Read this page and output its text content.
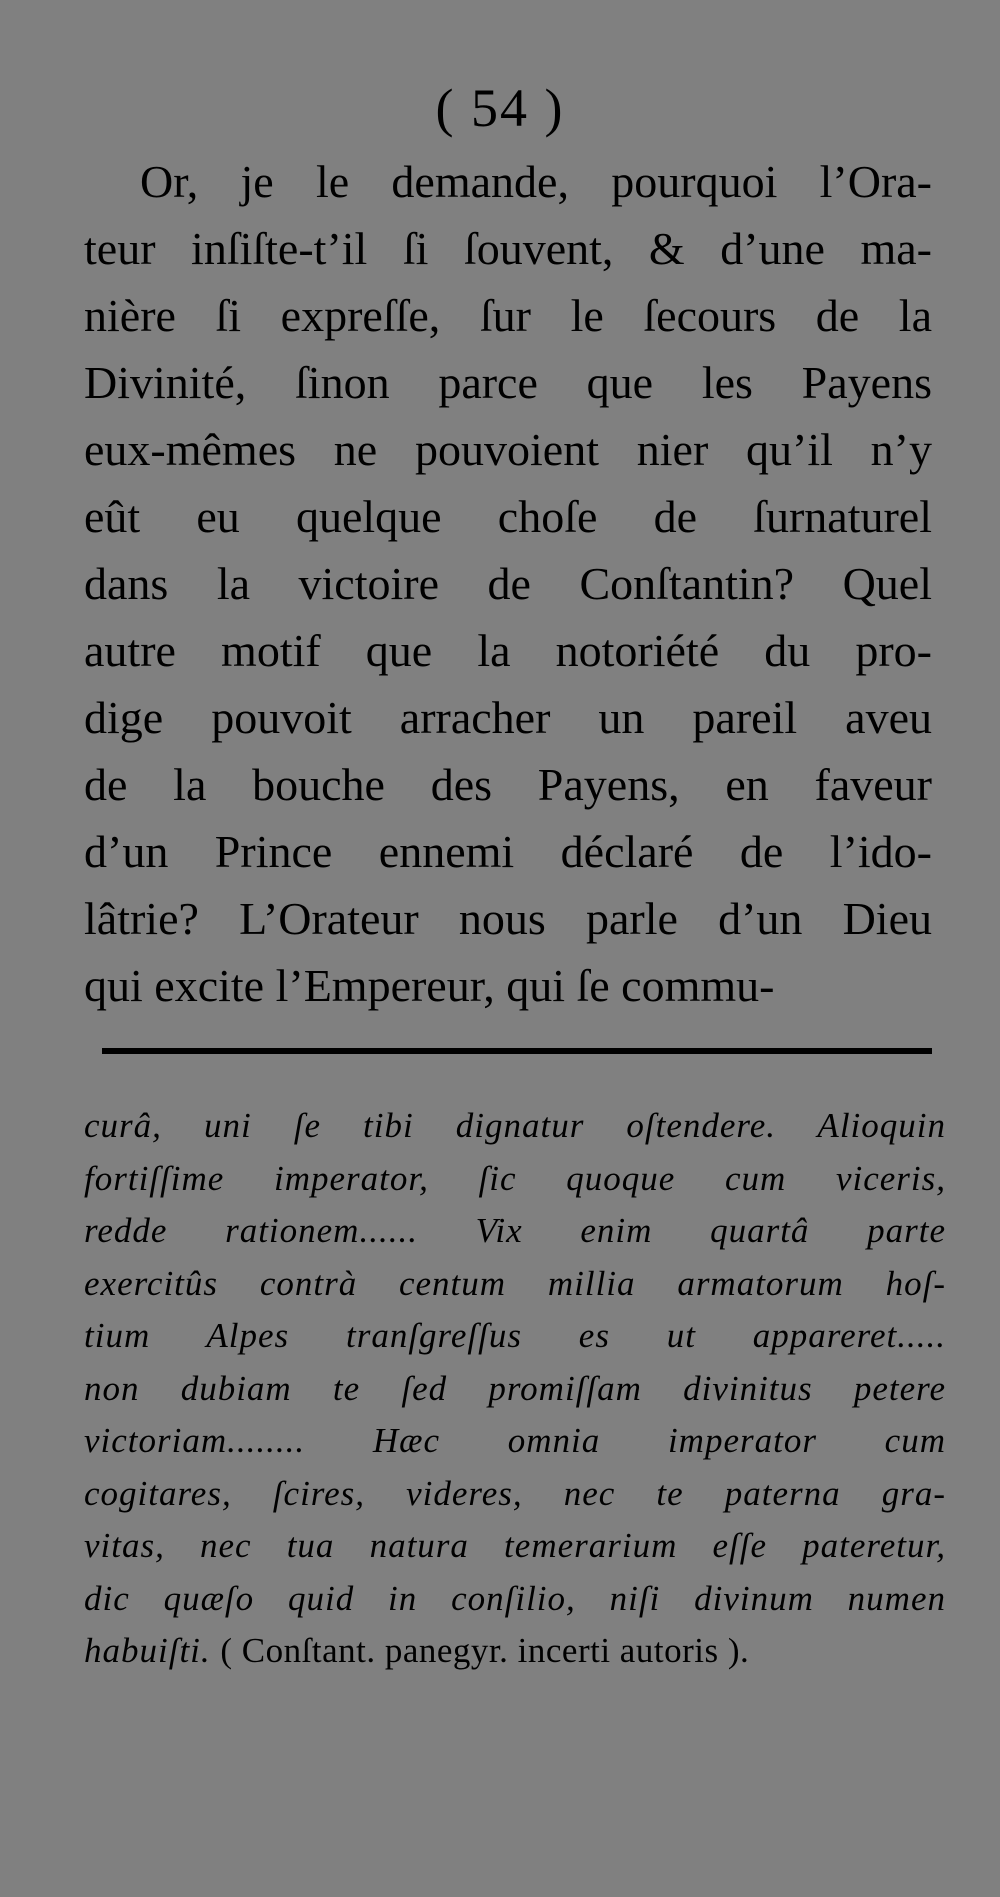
( 54 )
Or, je le demande, pourquoi l’Ora-
teur inſiſte-t’il ſi ſouvent, & d’une ma-
nière ſi expreſſe, ſur le ſecours de la
Divinité, ſinon parce que les Payens
eux-mêmes ne pouvoient nier qu’il n’y
eût eu quelque choſe de ſurnaturel
dans la victoire de Conſtantin? Quel
autre motif que la notoriété du pro-
dige pouvoit arracher un pareil aveu
de la bouche des Payens, en faveur
d’un Prince ennemi déclaré de l’ido-
lâtrie? L’Orateur nous parle d’un Dieu
qui excite l’Empereur, qui ſe commu-
curâ, uni ſe tibi dignatur oſtendere. Alioquin
fortiſſime imperator, ſic quoque cum viceris,
redde rationem...... Vix enim quartâ parte
exercitûs contrà centum millia armatorum hoſ-
tium Alpes tranſgreſſus es ut appareret.....
non dubiam te ſed promiſſam divinitus petere
victoriam........ Hæc omnia imperator cum
cogitares, ſcires, videres, nec te paterna gra-
vitas, nec tua natura temerarium eſſe pateretur,
dic quæſo quid in conſilio, niſi divinum numen
habuiſti. ( Conſtant. panegyr. incerti autoris ).
